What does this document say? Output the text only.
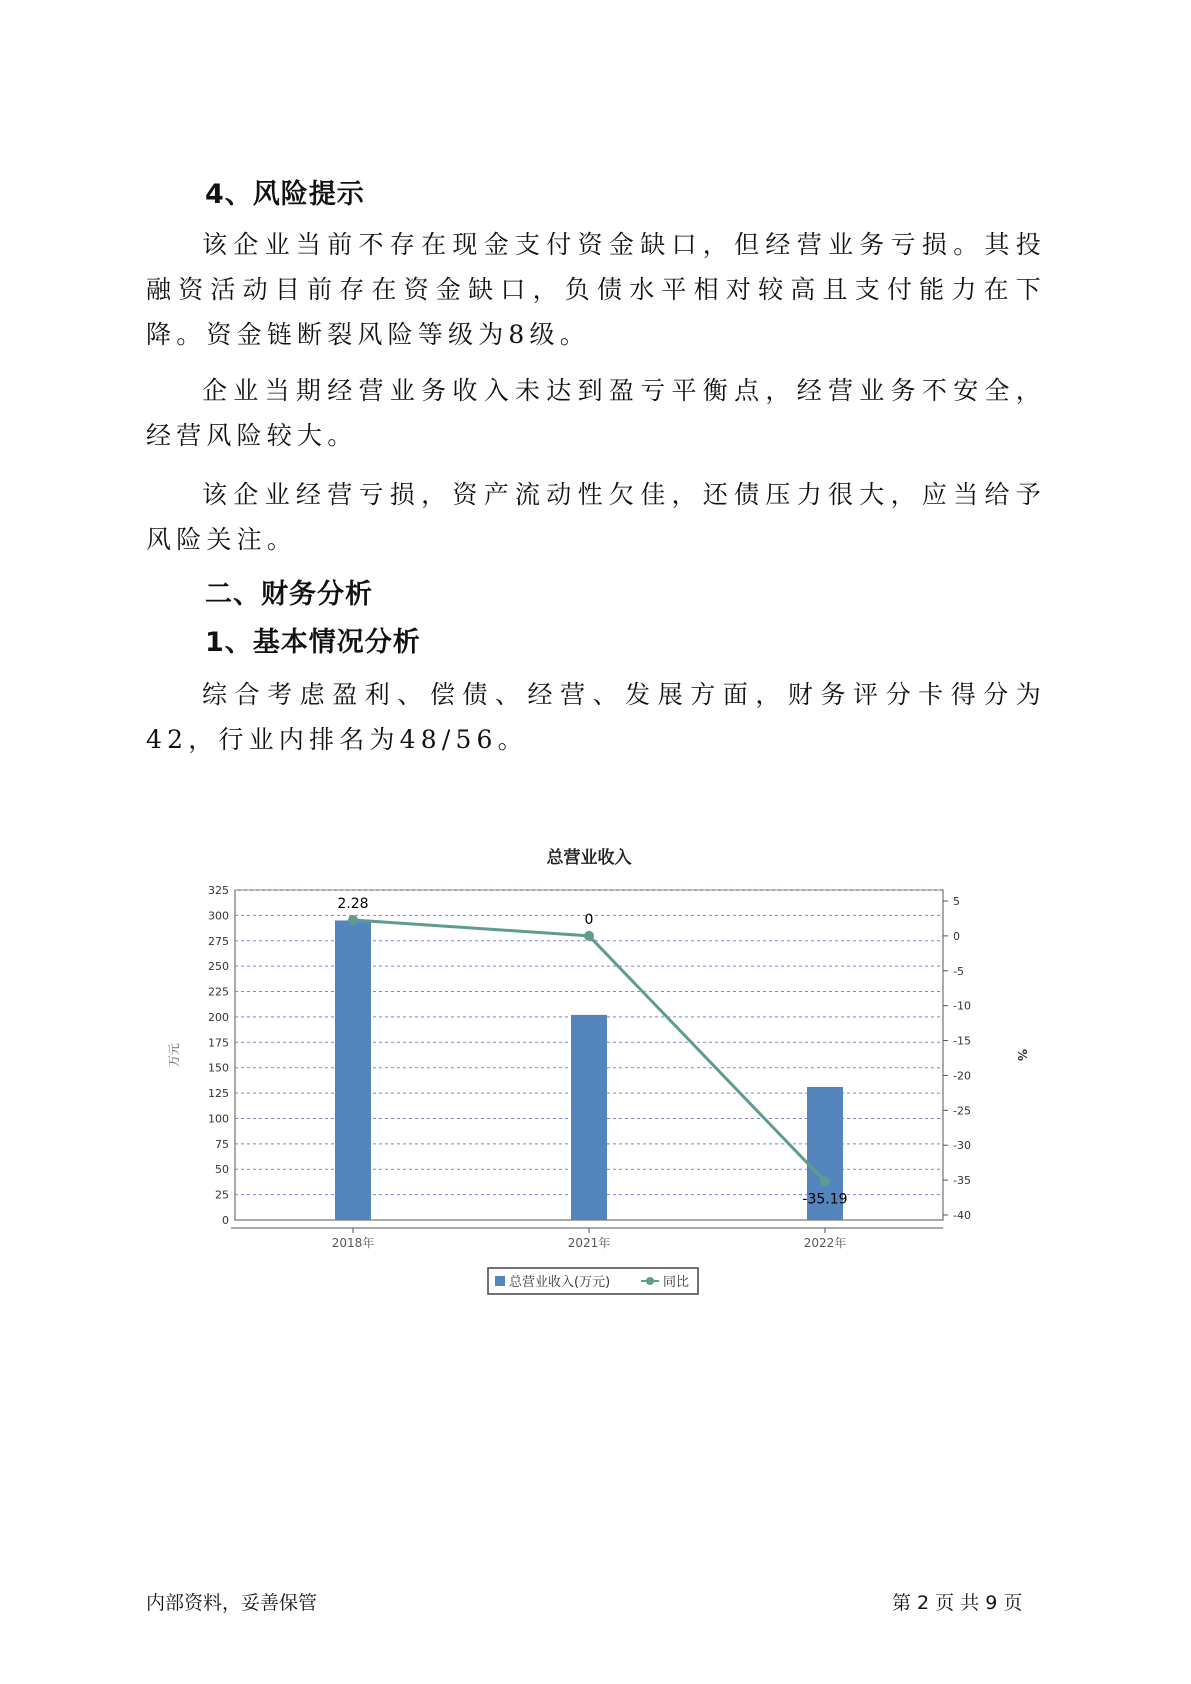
4、风险提示

该企业当前不存在现金支付资金缺口，但经营业务亏损。其投融资活动目前存在资金缺口，负债水平相对较高且支付能力在下降。资金链断裂风险等级为8级。

企业当期经营业务收入未达到盈亏平衡点，经营业务不安全，经营风险较大。

该企业经营亏损，资产流动性欠佳，还债压力很大，应当给予风险关注。

二、财务分析
1、基本情况分析

综合考虑盈利、偿债、经营、发展方面，财务评分卡得分为42，行业内排名为48/56。

总营业收入
0
25
50
75
100
125
150
175
200
225
250
275
300
325
5
0
-5
-10
-15
-20
-25
-30
-35
-40
万元	%
2018年	2021年	2022年
2.28
0
-35.19
总营业收入(万元)	同比
内部资料，妥善保管	第 2 页 共 9 页
